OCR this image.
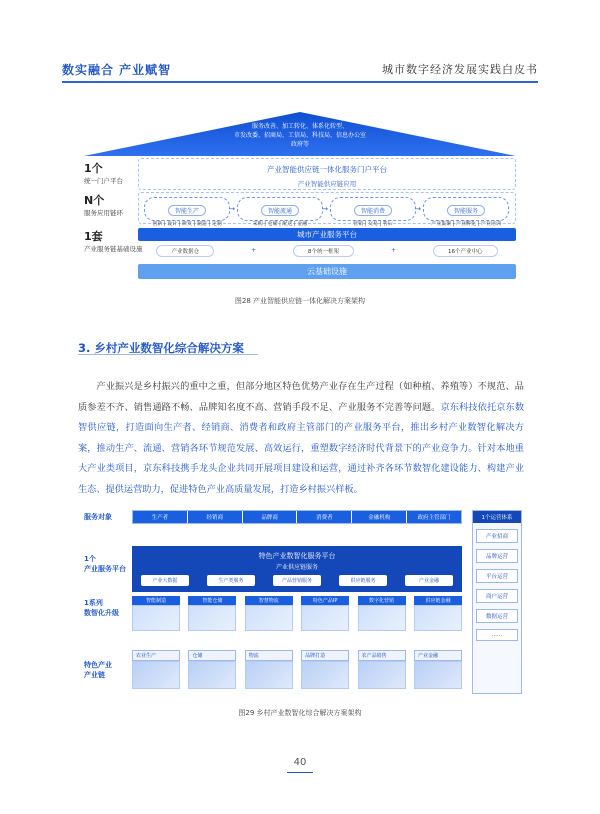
数实融合 产业赋智	城市数字经济发展实践白皮书
服务改善、加工转化、体系化转型、
市发改委、招商局、工信局、科技局、信息办公室
政府等
1个
统一门户平台
N个
服务应用链环
1套
产业服务链基础设施
产业智能供应链一体化服务门户平台
产业智能供应链应用
智能生产
创新 | 设计 | 研发 | 制造 | 定制
→	智能流通
采购 | 仓储 | 配送 | 金融
→	智能消费
营销 | 交易 | 售后
→	智能服务
产业集聚 | 产业孵化 | 产业培训
城市产业服务平台
产业数据仓	+	8个统一框架	+	16个产业中心
云基础设施
图28 产业智能供应链一体化解决方案架构
3. 乡村产业数智化综合解决方案
产业振兴是乡村振兴的重中之重，但部分地区特色优势产业存在生产过程（如种植、养殖等）不规范、品质参差不齐、销售通路不畅、品牌知名度不高、营销手段不足、产业服务不完善等问题。京东科技依托京东数智供应链，打造面向生产者、经销商、消费者和政府主管部门的产业服务平台，推出乡村产业数智化解决方案，推动生产、流通、营销各环节规范发展、高效运行，重塑数字经济时代背景下的产业竞争力。针对本地重大产业类项目，京东科技携手龙头企业共同开展项目建设和运营，通过补齐各环节数智化建设能力、构建产业生态、提供运营助力，促进特色产业高质量发展，打造乡村振兴样板。
服务对象
1个
产业服务平台
1系列
数智化升级
特色产业
产业链
生产者	经销商	品牌商	消费者	金融机构	政府主管部门
特色产业数智化服务平台
产业供应链服务
产业大数据	生产类服务	产品营销服务	供应链服务	产业金融
智能制造	智能仓储	智慧物流	特色产品IP	数字化营销	供应链金融
农业生产	仓储	物流	品牌打造	农产品销售	产业金融
1个运营体系
产业招商
品牌运营
平台运营
商户运营
数据运营
……
图29 乡村产业数智化综合解决方案架构
40
